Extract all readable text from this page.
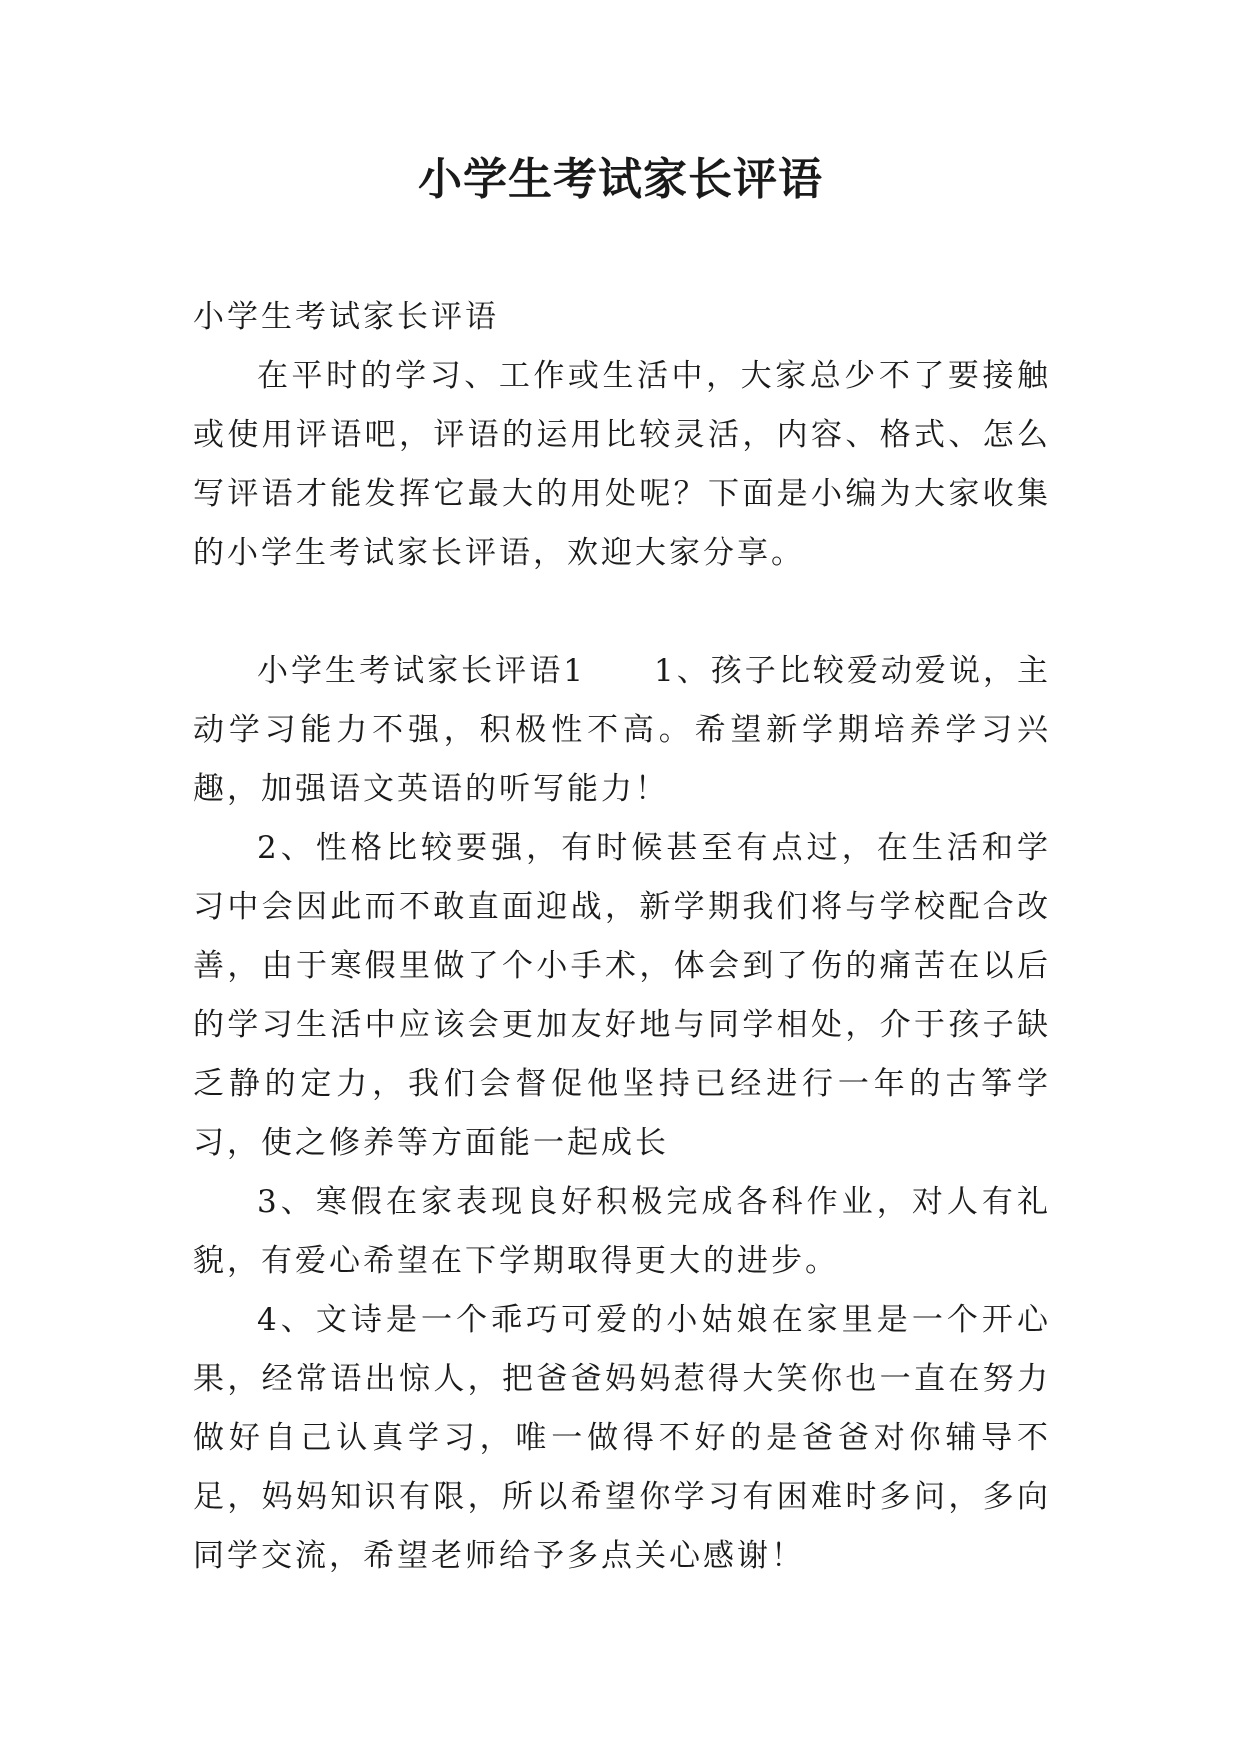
小学生考试家长评语

小学生考试家长评语

在平时的学习、工作或生活中，大家总少不了要接触或使用评语吧，评语的运用比较灵活，内容、格式、怎么写评语才能发挥它最大的用处呢？下面是小编为大家收集的小学生考试家长评语，欢迎大家分享。

小学生考试家长评语1　　1、孩子比较爱动爱说，主动学习能力不强，积极性不高。希望新学期培养学习兴趣，加强语文英语的听写能力！

2、性格比较要强，有时候甚至有点过，在生活和学习中会因此而不敢直面迎战，新学期我们将与学校配合改善，由于寒假里做了个小手术，体会到了伤的痛苦在以后的学习生活中应该会更加友好地与同学相处，介于孩子缺乏静的定力，我们会督促他坚持已经进行一年的古筝学习，使之修养等方面能一起成长

3、寒假在家表现良好积极完成各科作业，对人有礼貌，有爱心希望在下学期取得更大的进步。

4、文诗是一个乖巧可爱的小姑娘在家里是一个开心果，经常语出惊人，把爸爸妈妈惹得大笑你也一直在努力做好自己认真学习，唯一做得不好的是爸爸对你辅导不足，妈妈知识有限，所以希望你学习有困难时多问，多向同学交流，希望老师给予多点关心感谢！
